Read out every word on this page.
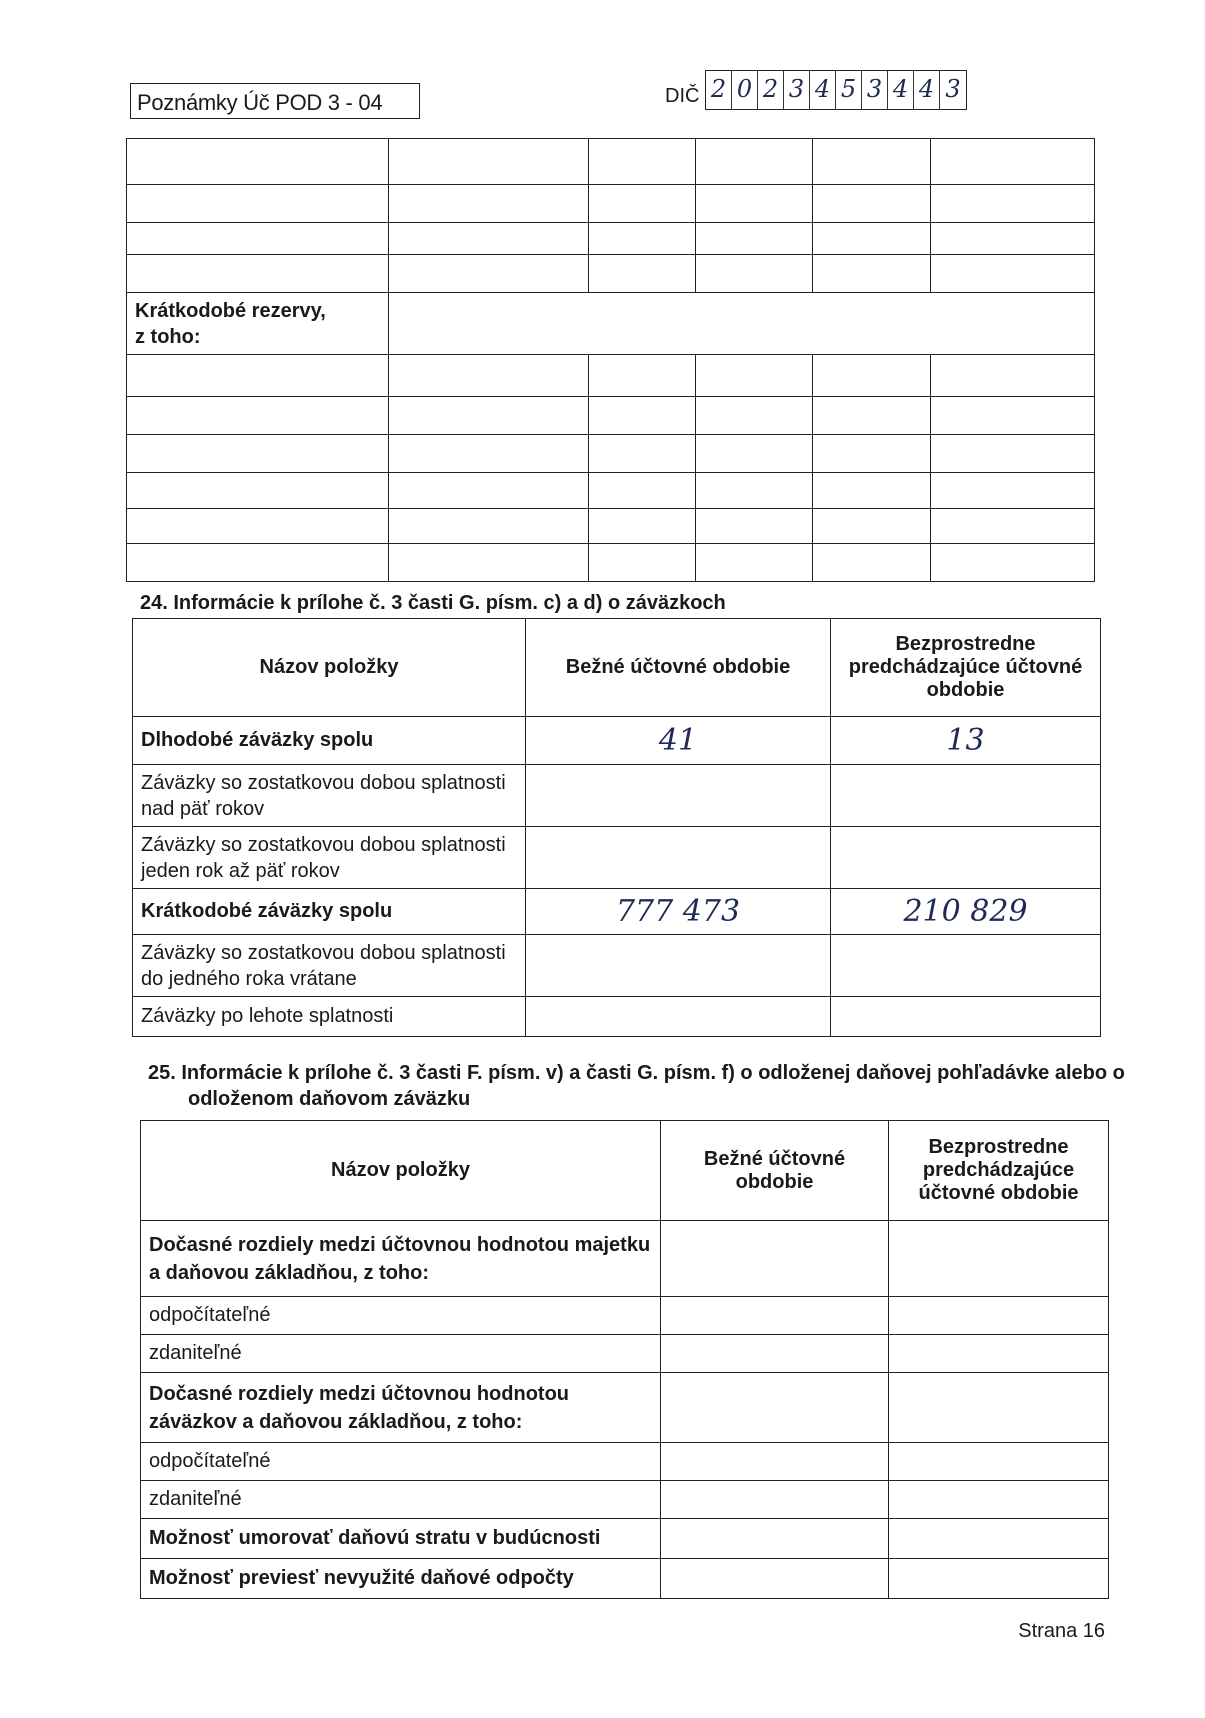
Poznámky Úč POD 3 - 04	DIČ 2 0 2 3 4 5 3 4 4 3

Krátkodobé rezervy,
z toho:					

24. Informácie k prílohe č. 3 časti G. písm. c) a d) o záväzkoch
Názov položky	Bežné účtovné obdobie	Bezprostredne predchádzajúce účtovné obdobie
Dlhodobé záväzky spolu	41	13
Záväzky so zostatkovou dobou splatnosti nad päť rokov		
Záväzky so zostatkovou dobou splatnosti jeden rok až päť rokov		
Krátkodobé záväzky spolu	777 473	210 829
Záväzky so zostatkovou dobou splatnosti do jedného roka vrátane		
Záväzky po lehote splatnosti		
25. Informácie k prílohe č. 3 časti F. písm. v) a časti G. písm. f) o odloženej daňovej pohľadávke alebo o
odloženom daňovom záväzku
Názov položky	Bežné účtovné obdobie	Bezprostredne predchádzajúce účtovné obdobie
Dočasné rozdiely medzi účtovnou hodnotou majetku a daňovou základňou, z toho:		
odpočítateľné		
zdaniteľné		
Dočasné rozdiely medzi účtovnou hodnotou záväzkov a daňovou základňou, z toho:		
odpočítateľné		
zdaniteľné		
Možnosť umorovať daňovú stratu v budúcnosti		
Možnosť previesť nevyužité daňové odpočty		
Strana 16
